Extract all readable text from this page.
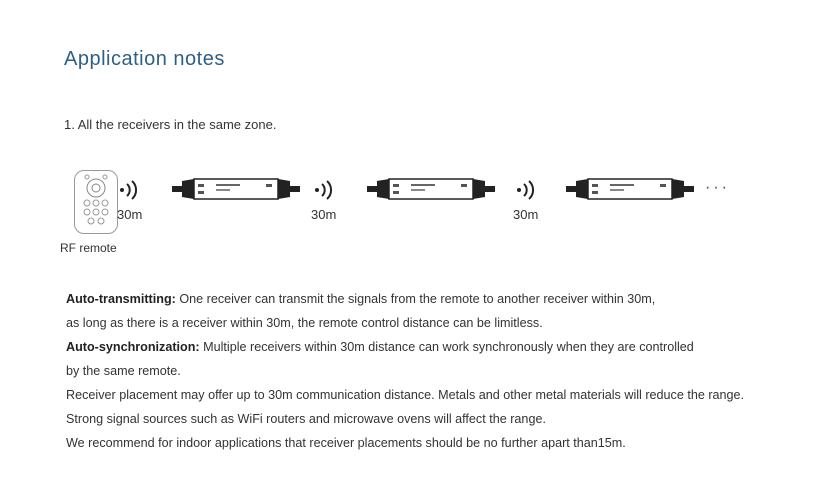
Application notes
1. All the receivers in the same zone.
RF remote
30m	30m	30m
···
Auto-transmitting: One receiver can transmit the signals from the remote to another receiver within 30m,
as long as there is a receiver within 30m, the remote control distance can be limitless.
Auto-synchronization: Multiple receivers within 30m distance can work synchronously when they are controlled
by the same remote.
Receiver placement may offer up to 30m communication distance. Metals and other metal materials will reduce the range.
Strong signal sources such as WiFi routers and microwave ovens will affect the range.
We recommend for indoor applications that receiver placements should be no further apart than15m.
